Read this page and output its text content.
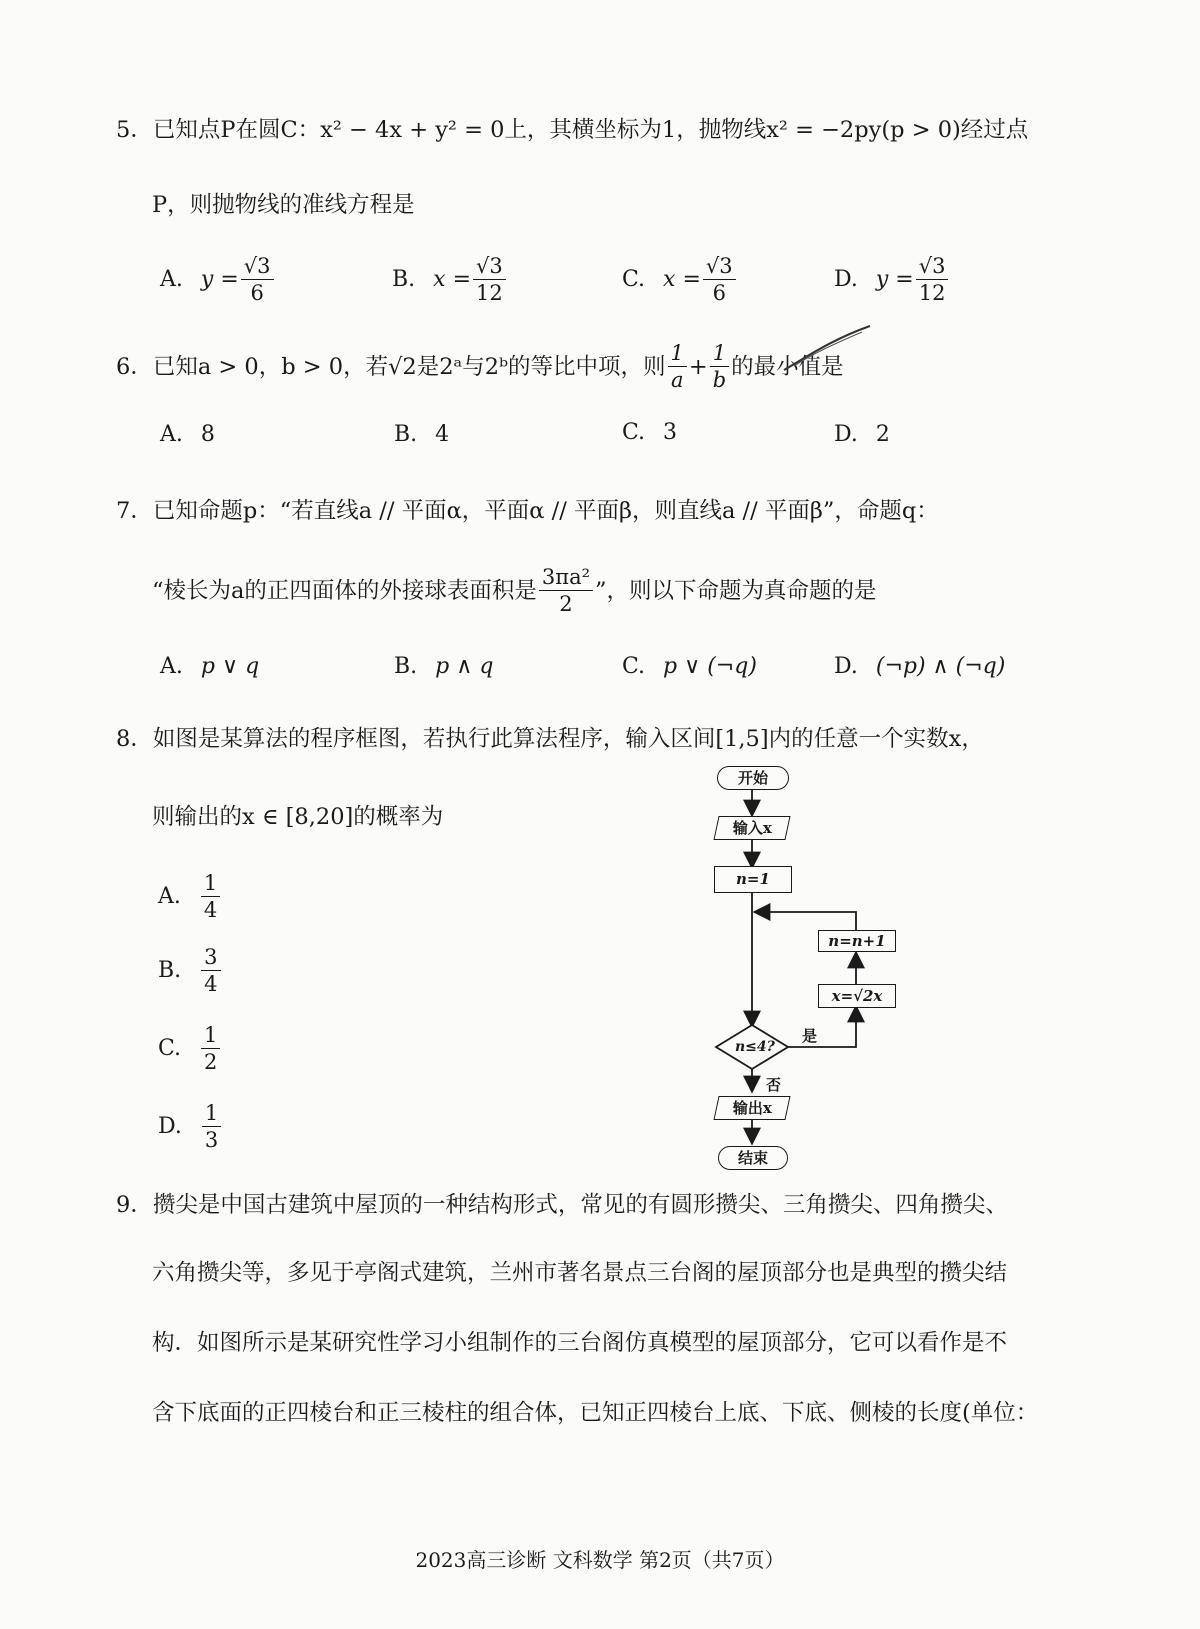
5．已知点P在圆C：x² − 4x + y² = 0上，其横坐标为1，抛物线x² = −2py(p > 0)经过点
P，则抛物线的准线方程是
A. $y = \frac{√3}{6}$	B. $x = \frac{√3}{12}$	C. $x = \frac{√3}{6}$	D. $y = \frac{√3}{12}$
6．已知a > 0，b > 0，若√2是2ᵃ与2ᵇ的等比中项，则 $\frac{1}{a} + \frac{1}{b}$ 的最小值是
A. 8	B. 4	C. 3	D. 2
7．已知命题p：“若直线a // 平面α，平面α // 平面β，则直线a // 平面β”，命题q：
“棱长为a的正四面体的外接球表面积是 $\frac{\text{3πa²}}{2}$ ”，则以下命题为真命题的是
A. p ∨ q	B. p ∧ q	C. p ∨ (¬q)	D. (¬p) ∧ (¬q)
8．如图是某算法的程序框图，若执行此算法程序，输入区间[1,5]内的任意一个实数x，
则输出的x ∈ [8,20]的概率为
A. $\frac{1}{4}$
B. $\frac{3}{4}$
C. $\frac{1}{2}$
D. $\frac{1}{3}$
开始
输入x
n=1
n=n+1
x=√2x
n≤4?
是
否
输出x
结束
9．攒尖是中国古建筑中屋顶的一种结构形式，常见的有圆形攒尖、三角攒尖、四角攒尖、
六角攒尖等，多见于亭阁式建筑，兰州市著名景点三台阁的屋顶部分也是典型的攒尖结
构．如图所示是某研究性学习小组制作的三台阁仿真模型的屋顶部分，它可以看作是不
含下底面的正四棱台和正三棱柱的组合体，已知正四棱台上底、下底、侧棱的长度(单位：
2023高三诊断 文科数学 第2页（共7页）
